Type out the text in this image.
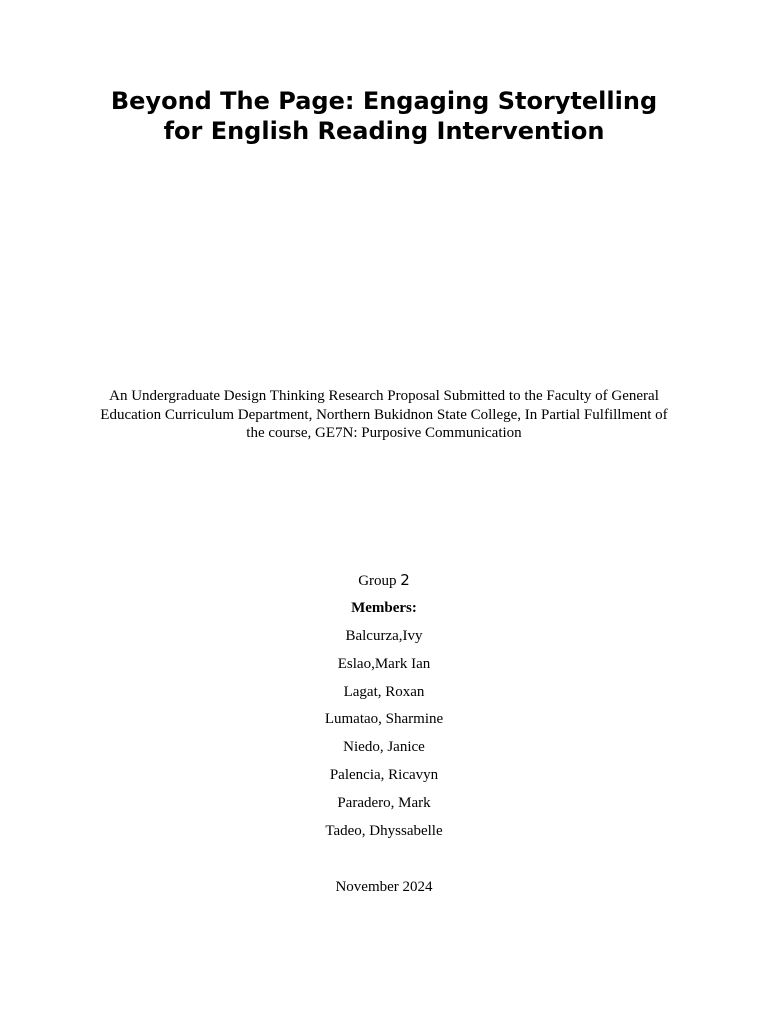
Beyond The Page: Engaging Storytelling for English Reading Intervention

An Undergraduate Design Thinking Research Proposal Submitted to the Faculty of General Education Curriculum Department, Northern Bukidnon State College, In Partial Fulfillment of the course, GE7N: Purposive Communication

Group 2
Members:
Balcurza,Ivy
Eslao,Mark Ian
Lagat, Roxan
Lumatao, Sharmine
Niedo, Janice
Palencia, Ricavyn
Paradero, Mark
Tadeo, Dhyssabelle
November 2024
